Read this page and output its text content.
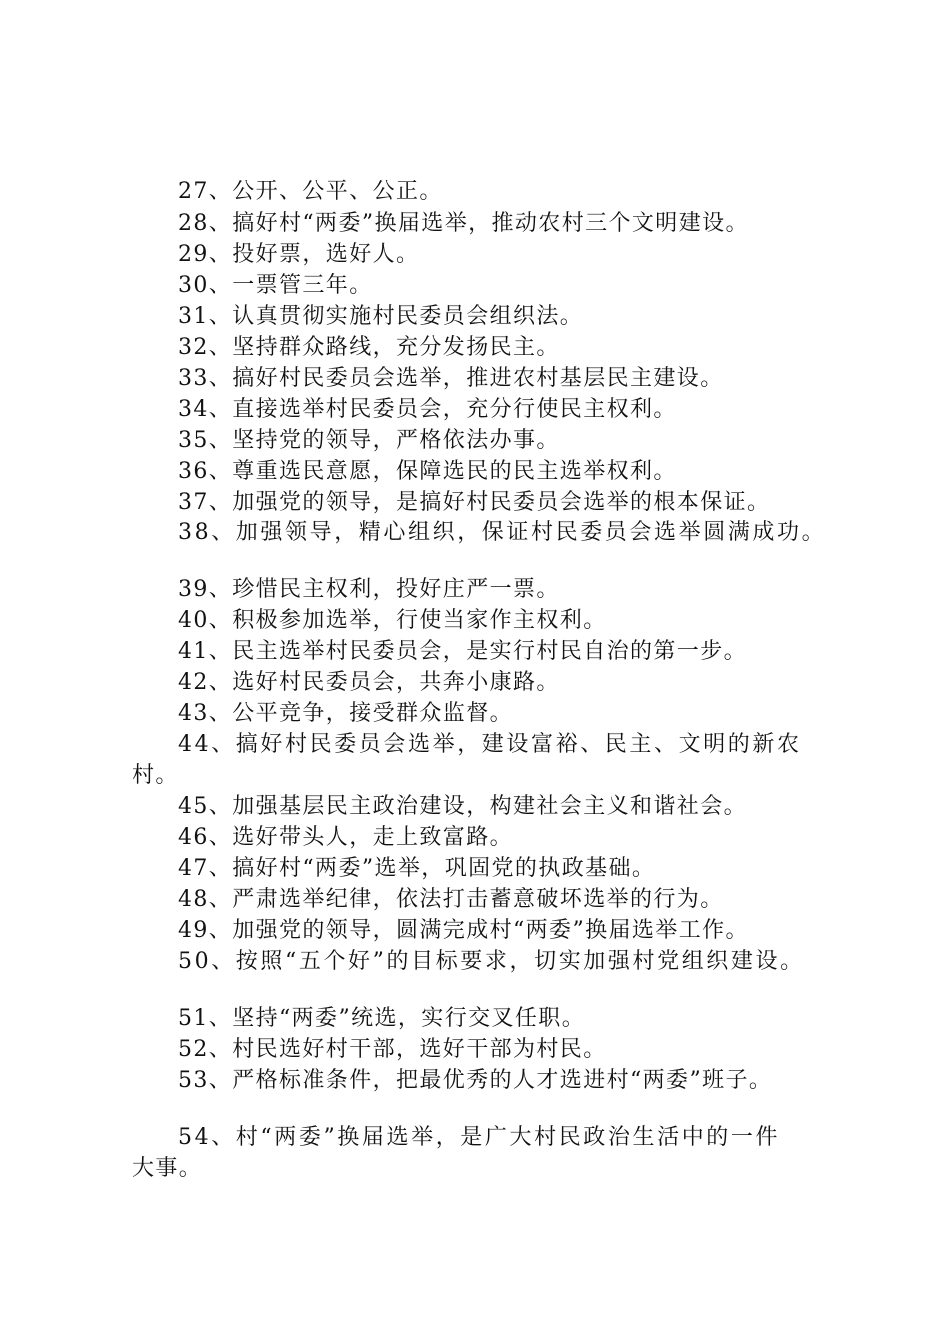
27、公开、公平、公正。
28、搞好村“两委”换届选举，推动农村三个文明建设。
29、投好票，选好人。
30、一票管三年。
31、认真贯彻实施村民委员会组织法。
32、坚持群众路线，充分发扬民主。
33、搞好村民委员会选举，推进农村基层民主建设。
34、直接选举村民委员会，充分行使民主权利。
35、坚持党的领导，严格依法办事。
36、尊重选民意愿，保障选民的民主选举权利。
37、加强党的领导，是搞好村民委员会选举的根本保证。
38、加强领导，精心组织，保证村民委员会选举圆满成功。
39、珍惜民主权利，投好庄严一票。
40、积极参加选举，行使当家作主权利。
41、民主选举村民委员会，是实行村民自治的第一步。
42、选好村民委员会，共奔小康路。
43、公平竞争，接受群众监督。
44、搞好村民委员会选举，建设富裕、民主、文明的新农
村。
45、加强基层民主政治建设，构建社会主义和谐社会。
46、选好带头人，走上致富路。
47、搞好村“两委”选举，巩固党的执政基础。
48、严肃选举纪律，依法打击蓄意破坏选举的行为。
49、加强党的领导，圆满完成村“两委”换届选举工作。
50、按照“五个好”的目标要求，切实加强村党组织建设。
51、坚持“两委”统选，实行交叉任职。
52、村民选好村干部，选好干部为村民。
53、严格标准条件，把最优秀的人才选进村“两委”班子。
54、村“两委”换届选举，是广大村民政治生活中的一件
大事。
